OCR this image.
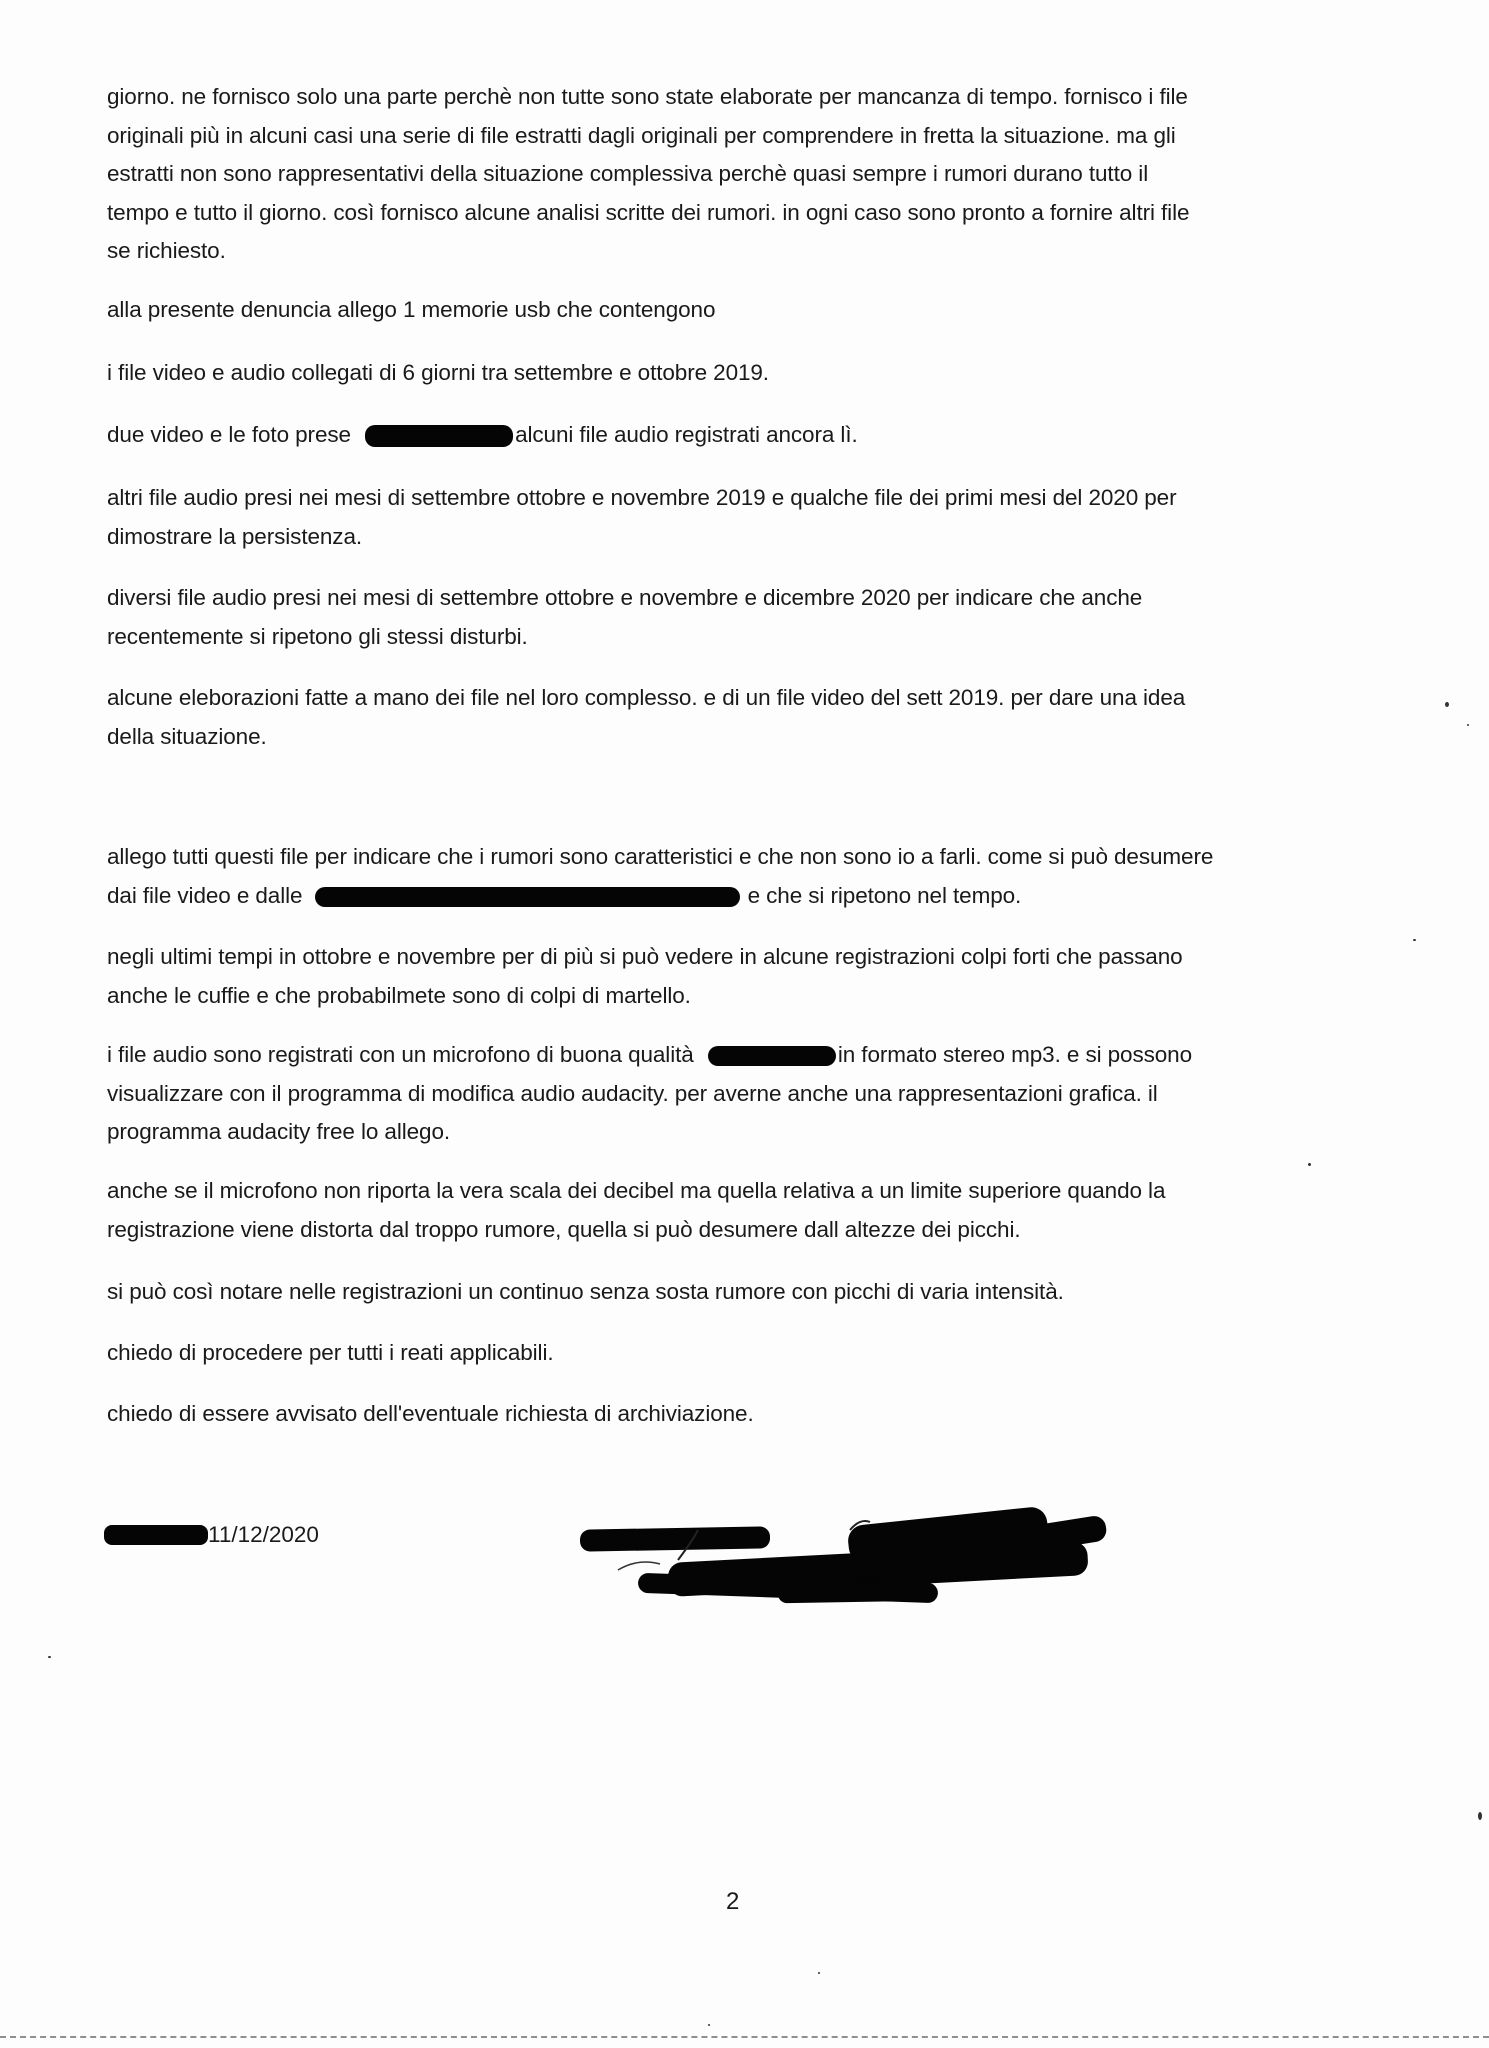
giorno. ne fornisco solo una parte perchè non tutte sono state elaborate per mancanza di tempo. fornisco i file
originali più in alcuni casi una serie di file estratti dagli originali per comprendere in fretta la situazione. ma gli
estratti non sono rappresentativi della situazione complessiva perchè quasi sempre i rumori durano tutto il
tempo e tutto il giorno. così fornisco alcune analisi scritte dei rumori. in ogni caso sono pronto a fornire altri file
se richiesto.
alla presente denuncia allego 1 memorie usb che contengono
i file video e audio collegati di 6 giorni tra settembre e ottobre 2019.
due video e le foto prese	alcuni file audio registrati ancora lì.
altri file audio presi nei mesi di settembre ottobre e novembre 2019 e qualche file dei primi mesi del 2020 per
dimostrare la persistenza.
diversi file audio presi nei mesi di settembre ottobre e novembre e dicembre 2020 per indicare che anche
recentemente si ripetono gli stessi disturbi.
alcune eleborazioni fatte a mano dei file nel loro complesso. e di un file video del sett 2019. per dare una idea
della situazione.
allego tutti questi file per indicare che i rumori sono caratteristici e che non sono io a farli. come si può desumere
dai file video e dalle	e che si ripetono nel tempo.
negli ultimi tempi in ottobre e novembre per di più si può vedere in alcune registrazioni colpi forti che passano
anche le cuffie e che probabilmete sono di colpi di martello.
i file audio sono registrati con un microfono di buona qualità	in formato stereo mp3. e si possono
visualizzare con il programma di modifica audio audacity. per averne anche una rappresentazioni grafica. il
programma audacity free lo allego.
anche se il microfono non riporta la vera scala dei decibel ma quella relativa a un limite superiore quando la
registrazione viene distorta dal troppo rumore, quella si può desumere dall altezze dei picchi.
si può così notare nelle registrazioni un continuo senza sosta rumore con picchi di varia intensità.
chiedo di procedere per tutti i reati applicabili.
chiedo di essere avvisato dell'eventuale richiesta di archiviazione.
11/12/2020
2
